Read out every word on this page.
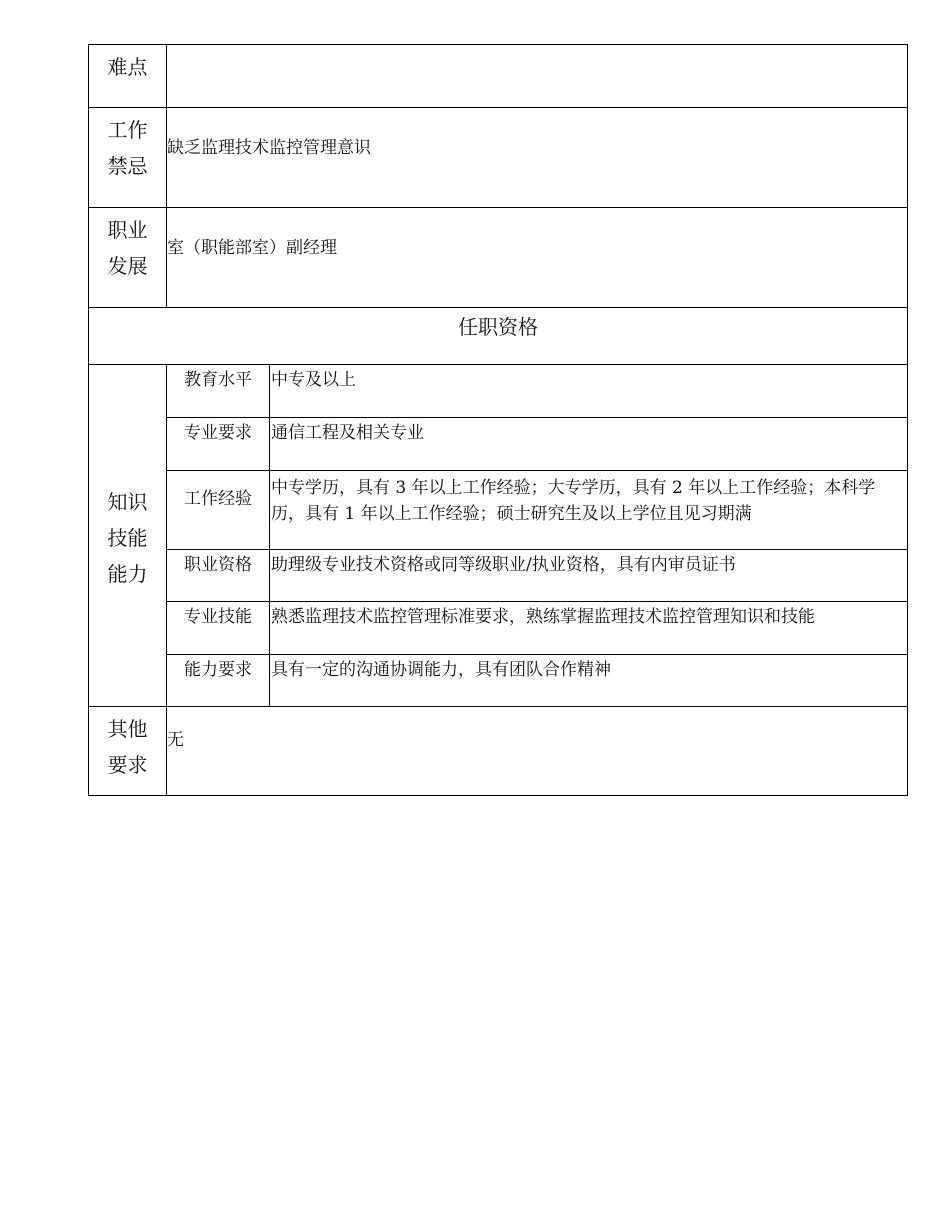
难点		

工作
禁忌	缺乏监理技术监控管理意识	

职业
发展	室（职能部室）副经理	
任职资格		

知识
技能
能力	教育水平	中专及以上
	专业要求	通信工程及相关专业
	工作经验	中专学历，具有 3 年以上工作经验；大专学历，具有 2 年以上工作经验；本科学历，具有 1 年以上工作经验；硕士研究生及以上学位且见习期满
	职业资格	助理级专业技术资格或同等级职业/执业资格，具有内审员证书
	专业技能	熟悉监理技术监控管理标准要求，熟练掌握监理技术监控管理知识和技能
	能力要求	具有一定的沟通协调能力，具有团队合作精神

其他
要求	无	
